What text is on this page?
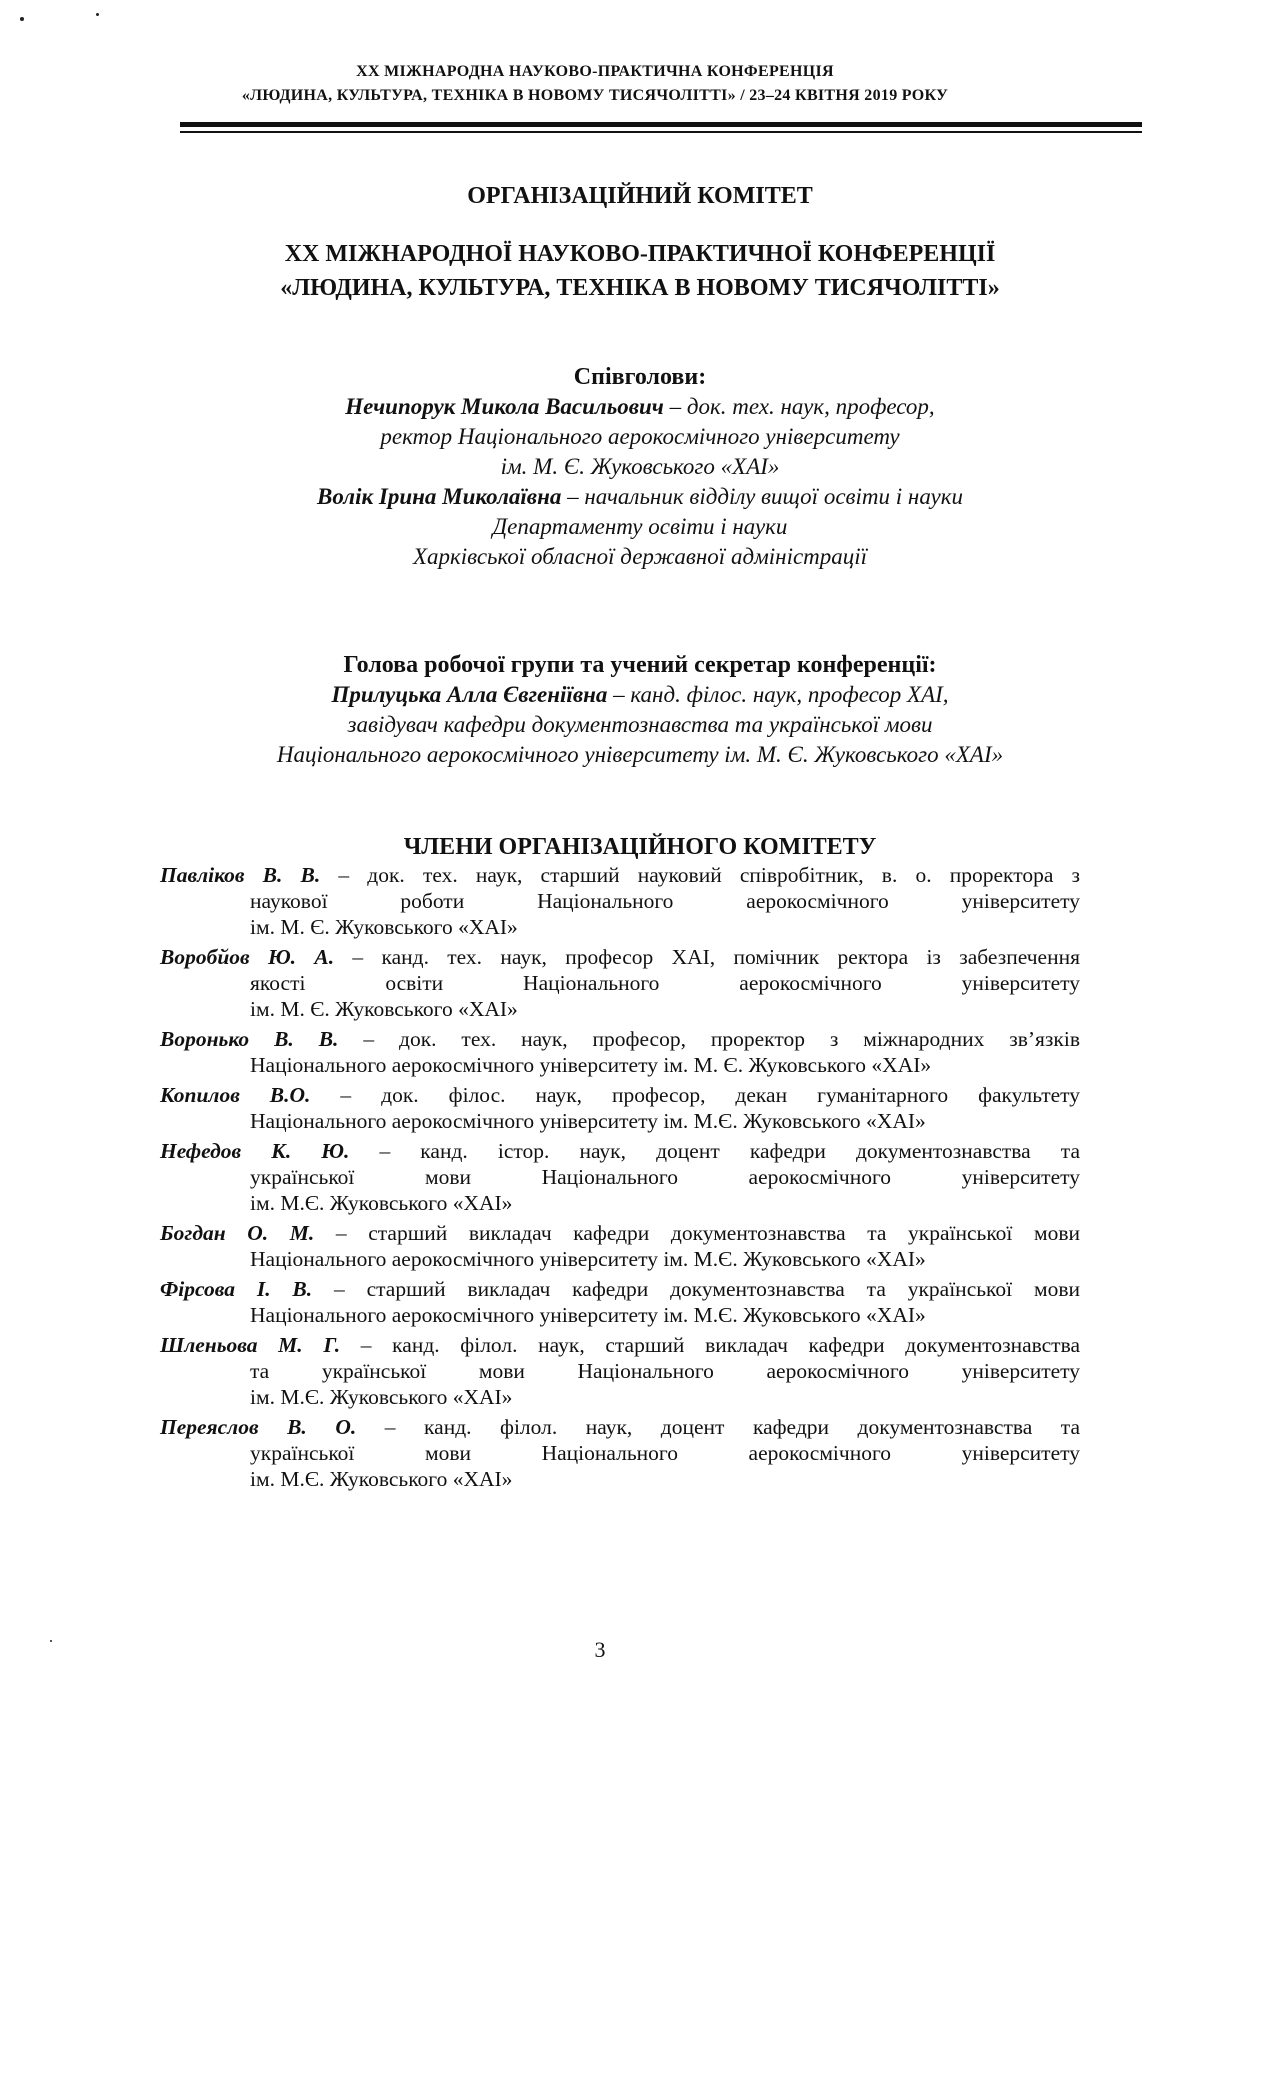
XX МІЖНАРОДНА НАУКОВО-ПРАКТИЧНА КОНФЕРЕНЦІЯ
«ЛЮДИНА, КУЛЬТУРА, ТЕХНІКА В НОВОМУ ТИСЯЧОЛІТТІ» / 23–24 КВІТНЯ 2019 РОКУ
ОРГАНІЗАЦІЙНИЙ КОМІТЕТ
XX МІЖНАРОДНОЇ НАУКОВО-ПРАКТИЧНОЇ КОНФЕРЕНЦІЇ
«ЛЮДИНА, КУЛЬТУРА, ТЕХНІКА В НОВОМУ ТИСЯЧОЛІТТІ»
Співголови:
Нечипорук Микола Васильович – док. тех. наук, професор,
ректор Національного аерокосмічного університету
ім. М. Є. Жуковського «ХАІ»
Волік Ірина Миколаївна – начальник відділу вищої освіти і науки
Департаменту освіти і науки
Харківської обласної державної адміністрації
Голова робочої групи та учений секретар конференції:
Прилуцька Алла Євгеніївна – канд. філос. наук, професор ХАІ,
завідувач кафедри документознавства та української мови
Національного аерокосмічного університету ім. М. Є. Жуковського «ХАІ»
ЧЛЕНИ ОРГАНІЗАЦІЙНОГО КОМІТЕТУ
Павліков В. В. – док. тех. наук, старший науковий співробітник, в. о. проректора з
наукової роботи Національного аерокосмічного університету
ім. М. Є. Жуковського «ХАІ»
Воробйов Ю. А. – канд. тех. наук, професор ХАІ, помічник ректора із забезпечення
якості освіти Національного аерокосмічного університету
ім. М. Є. Жуковського «ХАІ»
Воронько В. В. – док. тех. наук, професор, проректор з міжнародних зв’язків
Національного аерокосмічного університету ім. М. Є. Жуковського «ХАІ»
Копилов В.О. – док. філос. наук, професор, декан гуманітарного факультету
Національного аерокосмічного університету ім. М.Є. Жуковського «ХАІ»
Нефедов К. Ю. – канд. істор. наук, доцент кафедри документознавства та
української мови Національного аерокосмічного університету
ім. М.Є. Жуковського «ХАІ»
Богдан О. М. – старший викладач кафедри документознавства та української мови
Національного аерокосмічного університету ім. М.Є. Жуковського «ХАІ»
Фірсова І. В. – старший викладач кафедри документознавства та української мови
Національного аерокосмічного університету ім. М.Є. Жуковського «ХАІ»
Шленьова М. Г. – канд. філол. наук, старший викладач кафедри документознавства
та української мови Національного аерокосмічного університету
ім. М.Є. Жуковського «ХАІ»
Переяслов В. О. – канд. філол. наук, доцент кафедри документознавства та
української мови Національного аерокосмічного університету
ім. М.Є. Жуковського «ХАІ»
3
